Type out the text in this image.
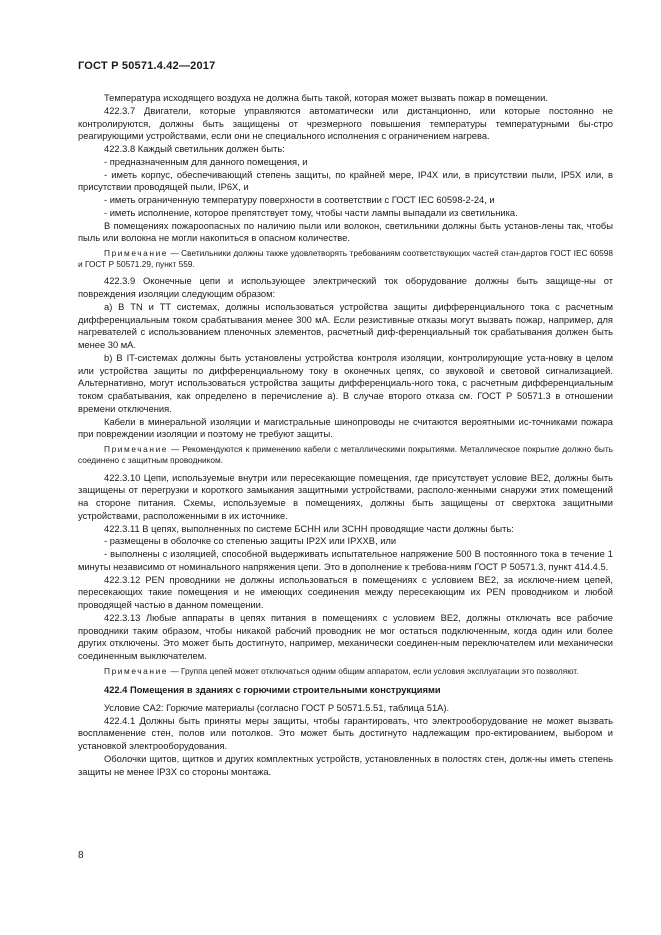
ГОСТ Р 50571.4.42—2017

Температура исходящего воздуха не должна быть такой, которая может вызвать пожар в помещении.

422.3.7 Двигатели, которые управляются автоматически или дистанционно, или которые постоянно не контролируются, должны быть защищены от чрезмерного повышения температуры температурными бы-стро реагирующими устройствами, если они не специального исполнения с ограничением нагрева.

422.3.8 Каждый светильник должен быть:

- предназначенным для данного помещения, и

- иметь корпус, обеспечивающий степень защиты, по крайней мере, IP4X или, в присутствии пыли, IP5X или, в присутствии проводящей пыли, IP6X, и

- иметь ограниченную температуру поверхности в соответствии с ГОСТ IEC 60598-2-24, и

- иметь исполнение, которое препятствует тому, чтобы части лампы выпадали из светильника.

В помещениях пожароопасных по наличию пыли или волокон, светильники должны быть установ-лены так, чтобы пыль или волокна не могли накопиться в опасном количестве.

Примечание — Светильники должны также удовлетворять требованиям соответствующих частей стан-дартов ГОСТ IEC 60598 и ГОСТ Р 50571.29, пункт 559.

422.3.9 Оконечные цепи и использующее электрический ток оборудование должны быть защище-ны от повреждения изоляции следующим образом:

а) В TN и TT системах, должны использоваться устройства защиты дифференциального тока с расчетным дифференциальным током срабатывания менее 300 мА. Если резистивные отказы могут вызвать пожар, например, для нагревателей с использованием пленочных элементов, расчетный диф-ференциальный ток срабатывания должен быть менее 30 мА.

b) В IT-системах должны быть установлены устройства контроля изоляции, контролирующие уста-новку в целом или устройства защиты по дифференциальному току в оконечных цепях, со звуковой и световой сигнализацией. Альтернативно, могут использоваться устройства защиты дифференциаль-ного тока, с расчетным дифференциальным током срабатывания, как определено в перечисление а). В случае второго отказа см. ГОСТ Р 50571.3 в отношении времени отключения.

Кабели в минеральной изоляции и магистральные шинопроводы не считаются вероятными ис-точниками пожара при повреждении изоляции и поэтому не требуют защиты.

Примечание — Рекомендуются к применению кабели с металлическими покрытиями. Металлическое покрытие должно быть соединено с защитным проводником.

422.3.10 Цепи, используемые внутри или пересекающие помещения, где присутствует условие ВЕ2, должны быть защищены от перегрузки и короткого замыкания защитными устройствами, располо-женными снаружи этих помещений на стороне питания. Схемы, используемые в помещениях, должны быть защищены от сверхтока защитными устройствами, расположенными в их источнике.

422.3.11 В цепях, выполненных по системе БСНН или ЗСНН проводящие части должны быть:

- размещены в оболочке со степенью защиты IP2X или IPXXB, или

- выполнены с изоляцией, способной выдерживать испытательное напряжение 500 В постоянного тока в течение 1 минуты независимо от номинального напряжения цепи. Это в дополнение к требова-ниям ГОСТ Р 50571.3, пункт 414.4.5.

422.3.12 PEN проводники не должны использоваться в помещениях с условием ВЕ2, за исключе-нием цепей, пересекающих такие помещения и не имеющих соединения между пересекающим их PEN проводником и любой проводящей частью в данном помещении.

422.3.13 Любые аппараты в цепях питания в помещениях с условием ВЕ2, должны отключать все рабочие проводники таким образом, чтобы никакой рабочий проводник не мог остаться подключенным, когда один или более других отключены. Это может быть достигнуто, например, механически соединен-ным переключателем или механически соединенным выключателем.

Примечание — Группа цепей может отключаться одним общим аппаратом, если условия эксплуатации это позволяют.

422.4 Помещения в зданиях с горючими строительными конструкциями

Условие CA2: Горючие материалы (согласно ГОСТ Р 50571.5.51, таблица 51А).

422.4.1 Должны быть приняты меры защиты, чтобы гарантировать, что электрооборудование не может вызвать воспламенение стен, полов или потолков. Это может быть достигнуто надлежащим про-ектированием, выбором и установкой электрооборудования.

Оболочки щитов, щитков и других комплектных устройств, установленных в полостях стен, долж-ны иметь степень защиты не менее IP3X со стороны монтажа.

8
